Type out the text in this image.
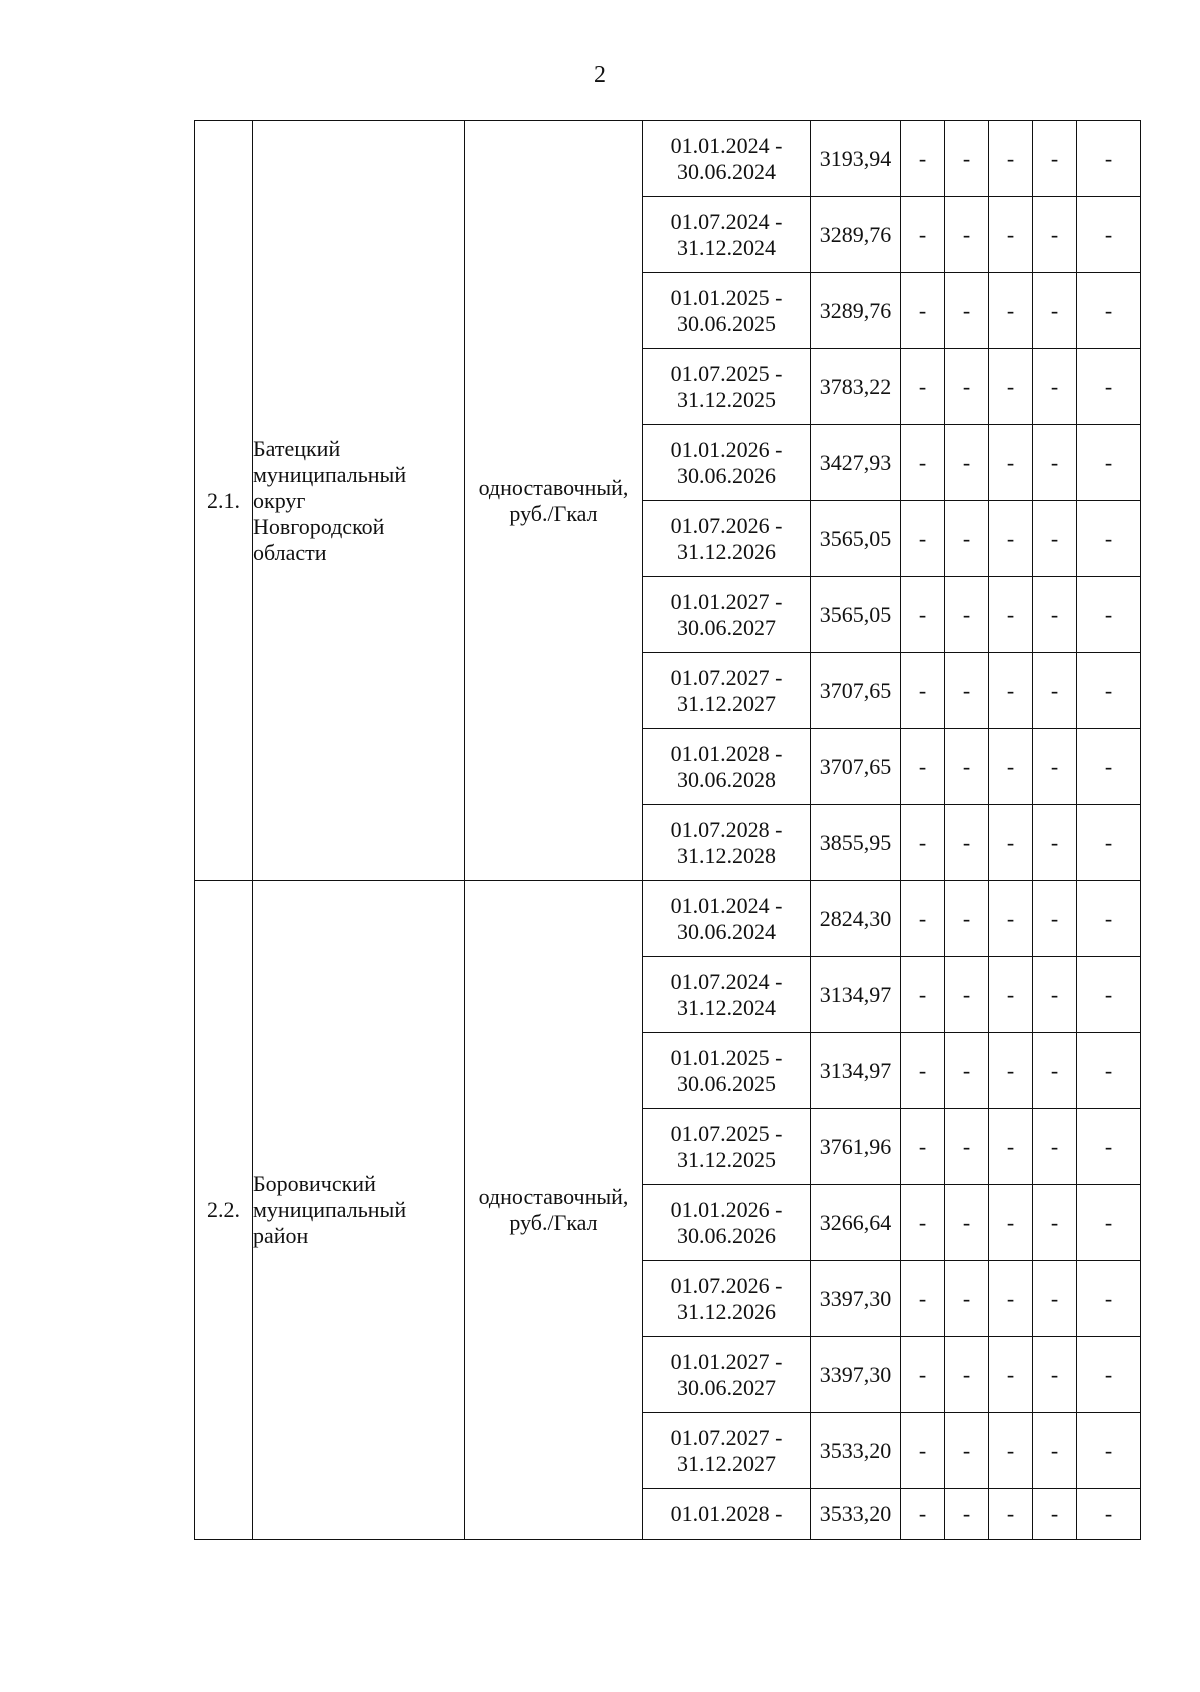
2
2.1.	Батецкий
муниципальный
округ
Новгородской
области	одноставочный,
руб./Гкал	01.01.2024 -
30.06.2024	3193,94	-	-	-	-	-

			01.07.2024 -
31.12.2024	3289,76	-	-	-	-	-

			01.01.2025 -
30.06.2025	3289,76	-	-	-	-	-

			01.07.2025 -
31.12.2025	3783,22	-	-	-	-	-

			01.01.2026 -
30.06.2026	3427,93	-	-	-	-	-

			01.07.2026 -
31.12.2026	3565,05	-	-	-	-	-

			01.01.2027 -
30.06.2027	3565,05	-	-	-	-	-

			01.07.2027 -
31.12.2027	3707,65	-	-	-	-	-

			01.01.2028 -
30.06.2028	3707,65	-	-	-	-	-

			01.07.2028 -
31.12.2028	3855,95	-	-	-	-	-
2.2.	Боровичский
муниципальный
район	одноставочный,
руб./Гкал	01.01.2024 -
30.06.2024	2824,30	-	-	-	-	-

			01.07.2024 -
31.12.2024	3134,97	-	-	-	-	-

			01.01.2025 -
30.06.2025	3134,97	-	-	-	-	-

			01.07.2025 -
31.12.2025	3761,96	-	-	-	-	-

			01.01.2026 -
30.06.2026	3266,64	-	-	-	-	-

			01.07.2026 -
31.12.2026	3397,30	-	-	-	-	-

			01.01.2027 -
30.06.2027	3397,30	-	-	-	-	-

			01.07.2027 -
31.12.2027	3533,20	-	-	-	-	-

			01.01.2028 -	3533,20	-	-	-	-	-
